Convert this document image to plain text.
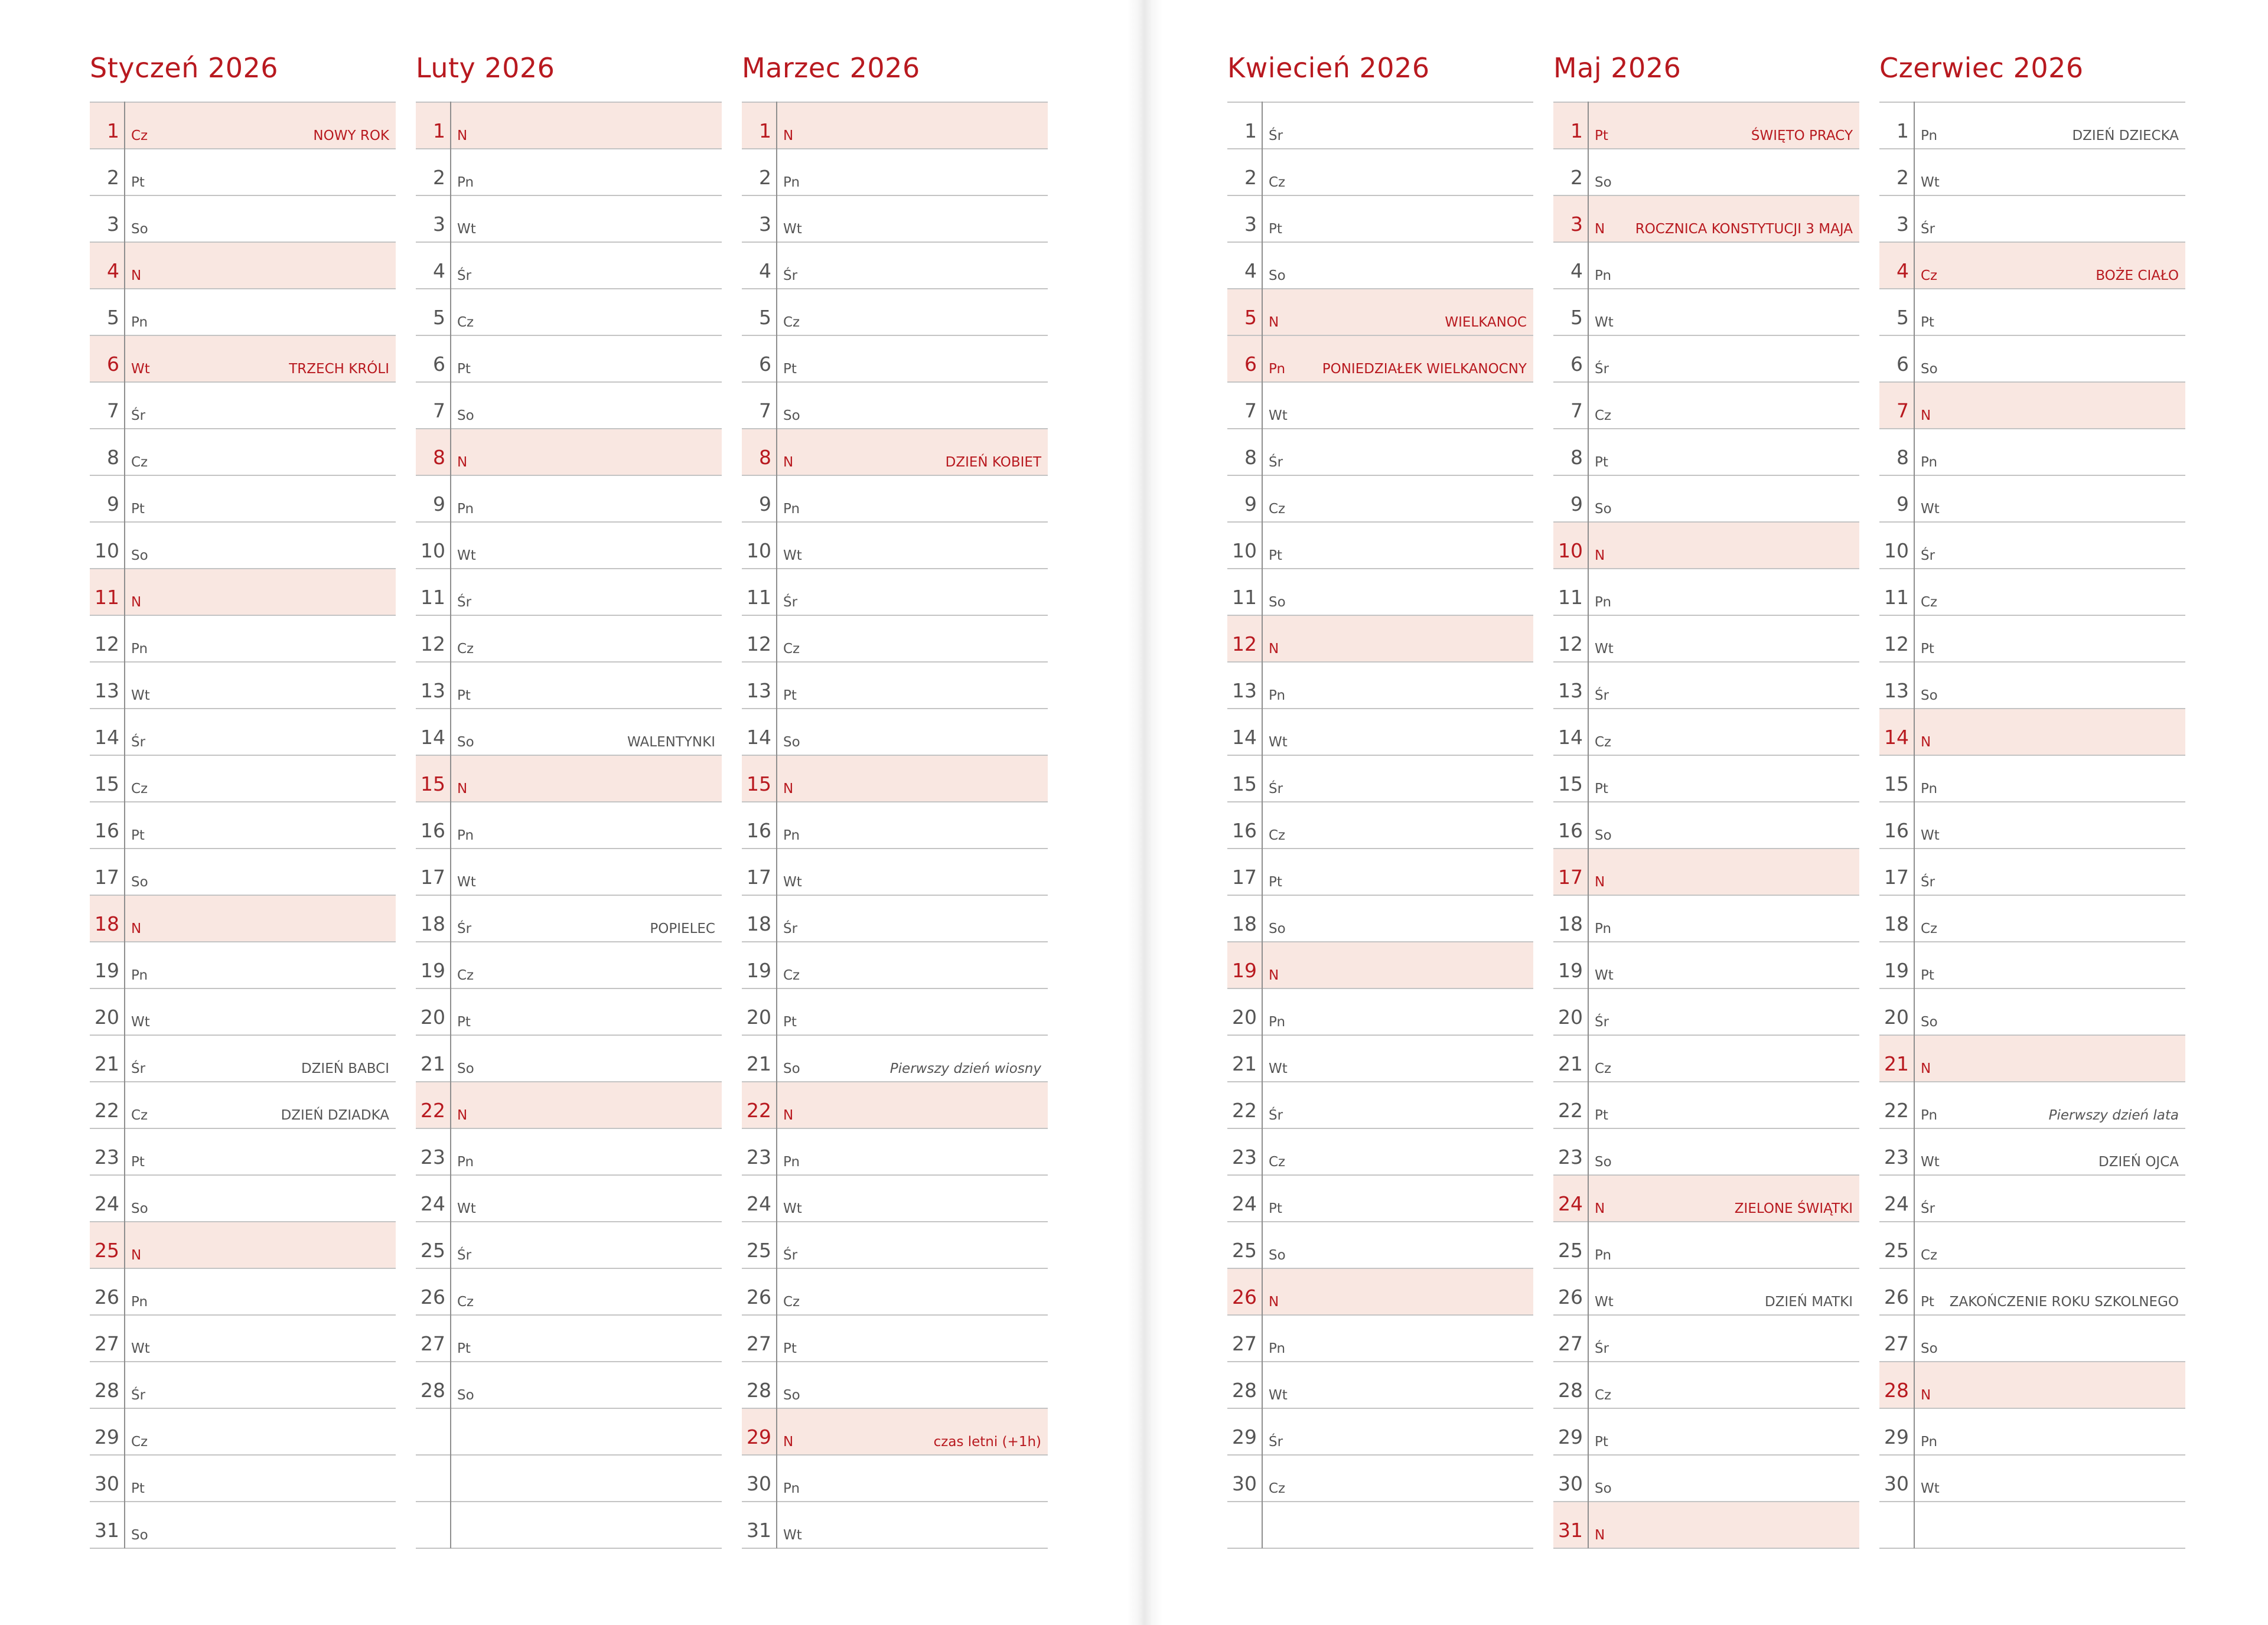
Styczeń 2026
1 Cz	NOWY ROK
2 Pt
3 So
4 N
5 Pn
6 Wt	TRZECH KRÓLI
7 Śr
8 Cz
9 Pt
10 So
11 N
12 Pn
13 Wt
14 Śr
15 Cz
16 Pt
17 So
18 N
19 Pn
20 Wt
21 Śr	DZIEŃ BABCI
22 Cz	DZIEŃ DZIADKA
23 Pt
24 So
25 N
26 Pn
27 Wt
28 Śr
29 Cz
30 Pt
31 So
Luty 2026
1 N
2 Pn
3 Wt
4 Śr
5 Cz
6 Pt
7 So
8 N
9 Pn
10 Wt
11 Śr
12 Cz
13 Pt
14 So	WALENTYNKI
15 N
16 Pn
17 Wt
18 Śr	POPIELEC
19 Cz
20 Pt
21 So
22 N
23 Pn
24 Wt
25 Śr
26 Cz
27 Pt
28 So
Marzec 2026
1 N
2 Pn
3 Wt
4 Śr
5 Cz
6 Pt
7 So
8 N	DZIEŃ KOBIET
9 Pn
10 Wt
11 Śr
12 Cz
13 Pt
14 So
15 N
16 Pn
17 Wt
18 Śr
19 Cz
20 Pt
21 So	Pierwszy dzień wiosny
22 N
23 Pn
24 Wt
25 Śr
26 Cz
27 Pt
28 So
29 N	czas letni (+1h)
30 Pn
31 Wt
Kwiecień 2026
1 Śr
2 Cz
3 Pt
4 So
5 N	WIELKANOC
6 Pn	PONIEDZIAŁEK WIELKANOCNY
7 Wt
8 Śr
9 Cz
10 Pt
11 So
12 N
13 Pn
14 Wt
15 Śr
16 Cz
17 Pt
18 So
19 N
20 Pn
21 Wt
22 Śr
23 Cz
24 Pt
25 So
26 N
27 Pn
28 Wt
29 Śr
30 Cz
Maj 2026
1 Pt	ŚWIĘTO PRACY
2 So
3 N ROCZNICA KONSTYTUCJI 3 MAJA
4 Pn
5 Wt
6 Śr
7 Cz
8 Pt
9 So
10 N
11 Pn
12 Wt
13 Śr
14 Cz
15 Pt
16 So
17 N
18 Pn
19 Wt
20 Śr
21 Cz
22 Pt
23 So
24 N	ZIELONE ŚWIĄTKI
25 Pn
26 Wt	DZIEŃ MATKI
27 Śr
28 Cz
29 Pt
30 So
31 N
Czerwiec 2026
1 Pn	DZIEŃ DZIECKA
2 Wt
3 Śr
4 Cz	BOŻE CIAŁO
5 Pt
6 So
7 N
8 Pn
9 Wt
10 Śr
11 Cz
12 Pt
13 So
14 N
15 Pn
16 Wt
17 Śr
18 Cz
19 Pt
20 So
21 N
22 Pn	Pierwszy dzień lata
23 Wt	DZIEŃ OJCA
24 Śr
25 Cz
26 Pt ZAKOŃCZENIE ROKU SZKOLNEGO
27 So
28 N
29 Pn
30 Wt
